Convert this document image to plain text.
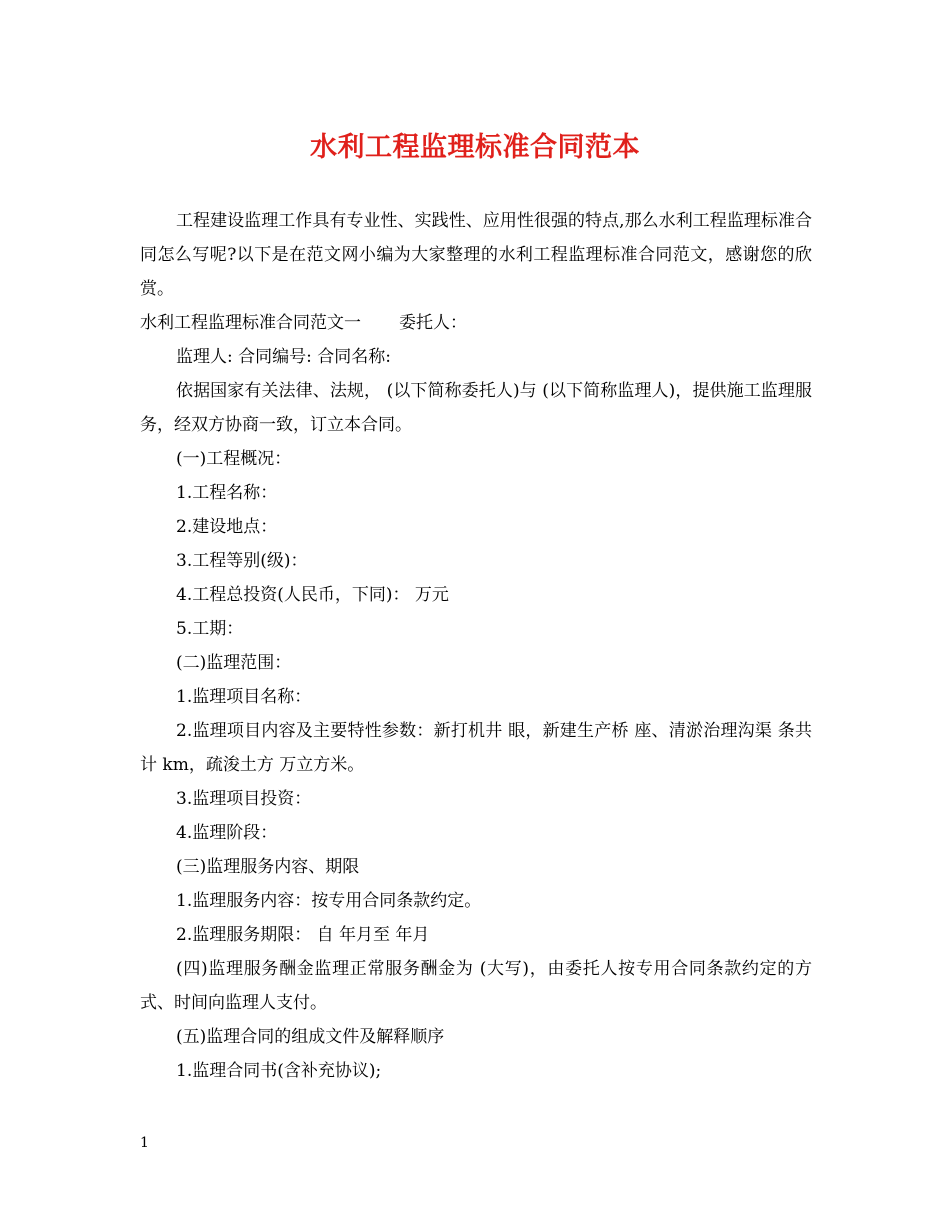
水利工程监理标准合同范本

工程建设监理工作具有专业性、实践性、应用性很强的特点,那么水利工程监理标准合同怎么写呢?以下是在范文网小编为大家整理的水利工程监理标准合同范文，感谢您的欣赏。

水利工程监理标准合同范文一 委托人：

监理人: 合同编号: 合同名称:

依据国家有关法律、法规， (以下简称委托人)与 (以下简称监理人)，提供施工监理服务，经双方协商一致，订立本合同。

(一)工程概况：

1.工程名称：

2.建设地点：

3.工程等别(级)：

4.工程总投资(人民币，下同)： 万元

5.工期：

(二)监理范围：

1.监理项目名称：

2.监理项目内容及主要特性参数：新打机井 眼，新建生产桥 座、清淤治理沟渠 条共计 km，疏浚土方 万立方米。

3.监理项目投资：

4.监理阶段：

(三)监理服务内容、期限

1.监理服务内容：按专用合同条款约定。

2.监理服务期限： 自 年月至 年月

(四)监理服务酬金监理正常服务酬金为 (大写)，由委托人按专用合同条款约定的方式、时间向监理人支付。

(五)监理合同的组成文件及解释顺序

1.监理合同书(含补充协议);

1
